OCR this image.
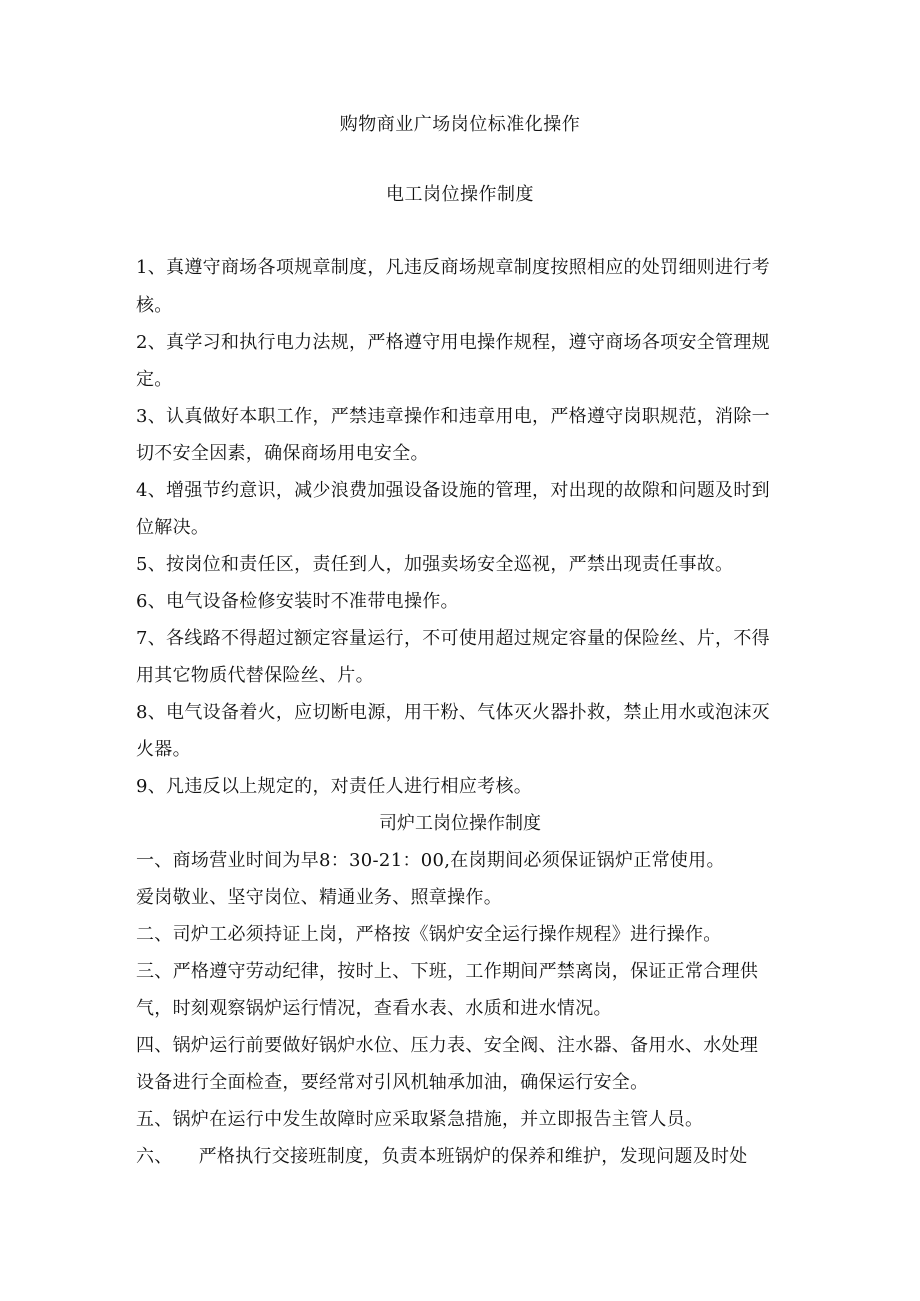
购物商业广场岗位标准化操作
电工岗位操作制度
1、真遵守商场各项规章制度，凡违反商场规章制度按照相应的处罚细则进行考
核。
2、真学习和执行电力法规，严格遵守用电操作规程，遵守商场各项安全管理规
定。
3、认真做好本职工作，严禁违章操作和违章用电，严格遵守岗职规范，消除一
切不安全因素，确保商场用电安全。
4、增强节约意识，减少浪费加强设备设施的管理，对出现的故隙和问题及时到
位解决。
5、按岗位和责任区，责任到人，加强卖场安全巡视，严禁出现责任事故。
6、电气设备检修安装时不准带电操作。
7、各线路不得超过额定容量运行，不可使用超过规定容量的保险丝、片，不得
用其它物质代替保险丝、片。
8、电气设备着火，应切断电源，用干粉、气体灭火器扑救，禁止用水或泡沫灭
火器。
9、凡违反以上规定的，对责任人进行相应考核。
司炉工岗位操作制度
一、商场营业时间为早8：30-21：00,在岗期间必须保证锅炉正常使用。
爱岗敬业、坚守岗位、精通业务、照章操作。
二、司炉工必须持证上岗，严格按《锅炉安全运行操作规程》进行操作。
三、严格遵守劳动纪律，按时上、下班，工作期间严禁离岗，保证正常合理供
气，时刻观察锅炉运行情况，查看水表、水质和进水情况。
四、锅炉运行前要做好锅炉水位、压力表、安全阀、注水器、备用水、水处理
设备进行全面检查，要经常对引风机轴承加油，确保运行安全。
五、锅炉在运行中发生故障时应采取紧急措施，并立即报告主管人员。
六、 严格执行交接班制度，负责本班锅炉的保养和维护，发现问题及时处
